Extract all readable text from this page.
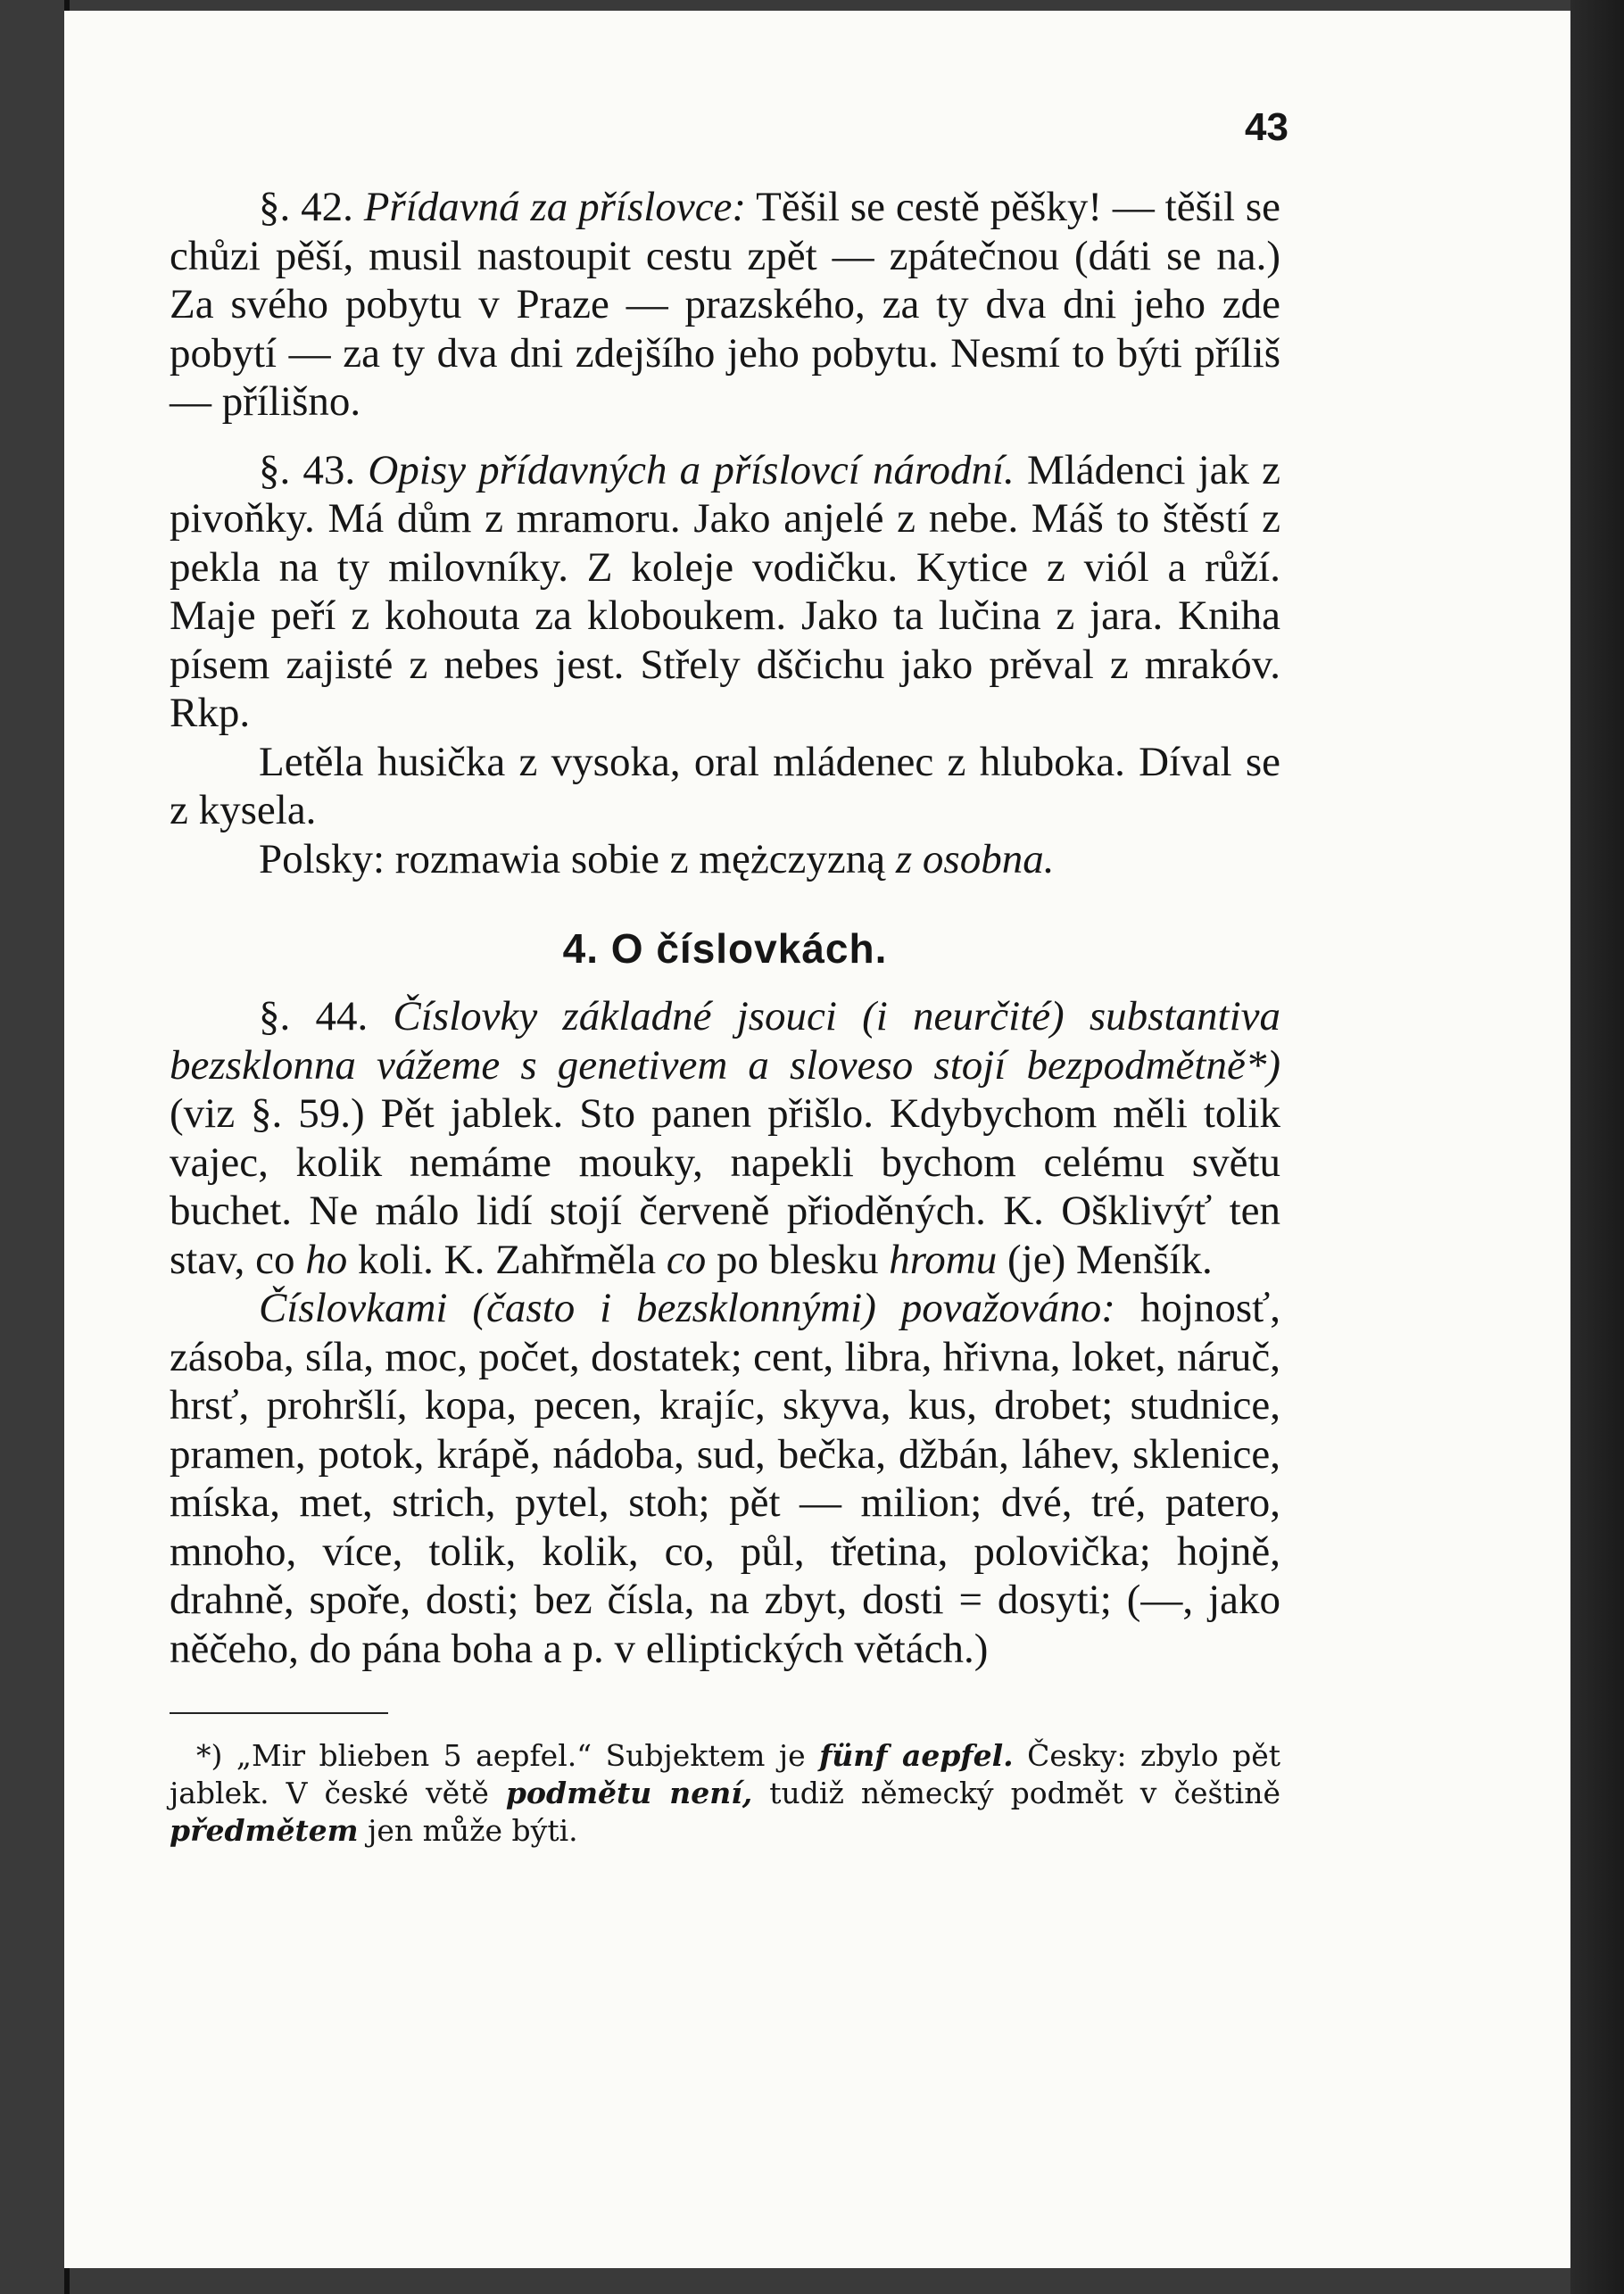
43

§. 42. Přídavná za příslovce: Těšil se cestě pěšky! — těšil se chůzi pěší, musil nastoupit cestu zpět — zpátečnou (dáti se na.) Za svého pobytu v Praze — prazského, za ty dva dni jeho zde pobytí — za ty dva dni zdejšího jeho pobytu. Nesmí to býti příliš — přílišno.

§. 43. Opisy přídavných a příslovcí národní. Mládenci jak z pivoňky. Má dům z mramoru. Jako anjelé z nebe. Máš to štěstí z pekla na ty milovníky. Z koleje vodičku. Kytice z viól a růží. Maje peří z kohouta za kloboukem. Jako ta lučina z jara. Kniha písem zajisté z nebes jest. Střely dščichu jako prěval z mrakóv. Rkp.

Letěla husička z vysoka, oral mládenec z hluboka. Díval se z kysela.

Polsky: rozmawia sobie z mężczyzną z osobna.

4. O číslovkách.

§. 44. Číslovky základné jsouci (i neurčité) substantiva bezsklonna vážeme s genetivem a sloveso stojí bezpodmětně*) (viz §. 59.) Pět jablek. Sto panen přišlo. Kdybychom měli tolik vajec, kolik nemáme mouky, napekli bychom celému světu buchet. Ne málo lidí stojí červeně přioděných. K. Ošklivýť ten stav, co ho koli. K. Zahřměla co po blesku hromu (je) Menšík.

Číslovkami (často i bezsklonnými) považováno: hojnosť, zásoba, síla, moc, počet, dostatek; cent, libra, hřivna, loket, náruč, hrsť, prohršlí, kopa, pecen, krajíc, skyva, kus, drobet; studnice, pramen, potok, krápě, nádoba, sud, bečka, džbán, láhev, sklenice, míska, met, strich, pytel, stoh; pět — milion; dvé, tré, patero, mnoho, více, tolik, kolik, co, půl, třetina, polovička; hojně, drahně, spoře, dosti; bez čísla, na zbyt, dosti = dosyti; (—, jako něčeho, do pána boha a p. v elliptických větách.)

*) „Mir blieben 5 aepfel.“ Subjektem je fünf aepfel. Česky: zbylo pět jablek. V české větě podmětu není, tudiž německý podmět v češtině předmětem jen může býti.
